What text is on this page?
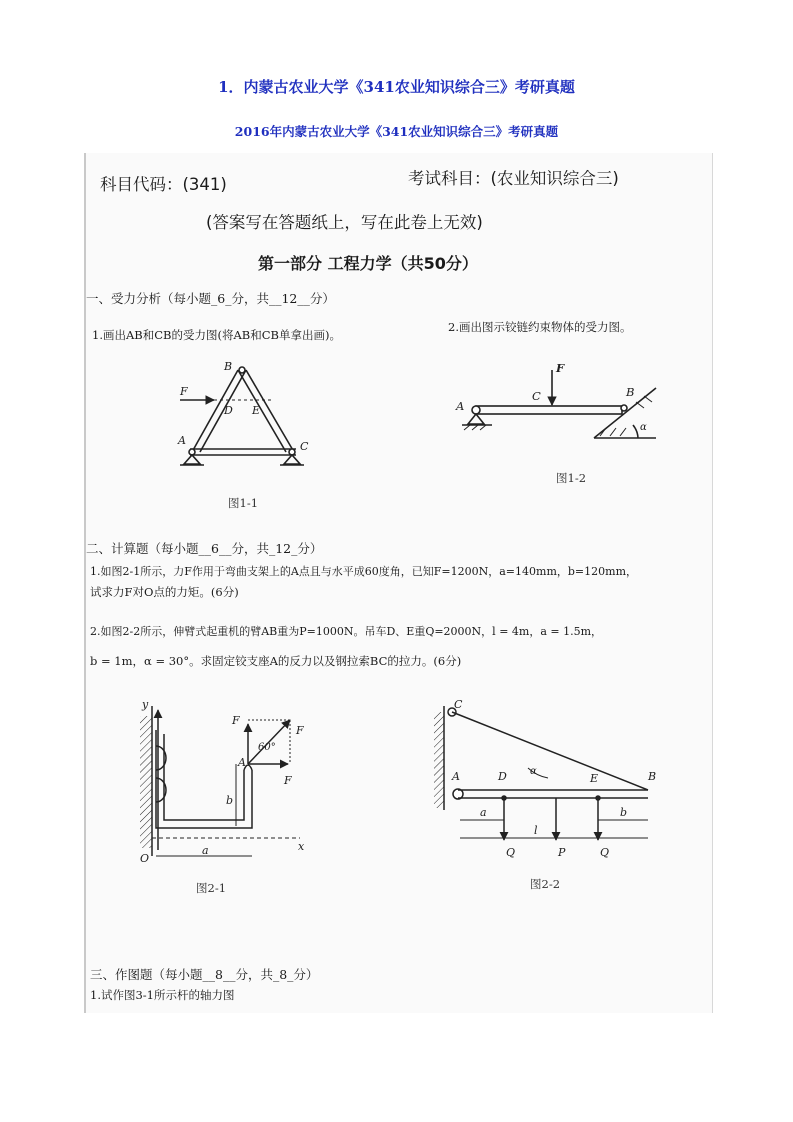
1．内蒙古农业大学《341农业知识综合三》考研真题
2016年内蒙古农业大学《341农业知识综合三》考研真题
科目代码：(341)	考试科目：(农业知识综合三)
(答案写在答题纸上，写在此卷上无效)
第一部分 工程力学（共50分）
一、受力分析（每小题_6_分，共__12__分）
1.画出AB和CB的受力图(将AB和CB单拿出画)。
2.画出图示铰链约束物体的受力图。
二、计算题（每小题__6__分，共_12_分）
1.如图2-1所示，力F作用于弯曲支架上的A点且与水平成60度角，已知F=1200N，a=140mm，b=120mm，
试求力F对O点的力矩。(6分)
2.如图2-2所示，伸臂式起重机的臂AB重为P=1000N。吊车D、E重Q=2000N，l = 4m，a = 1.5m，
b = 1m，α = 30°。求固定铰支座A的反力以及钢拉索BC的拉力。(6分)
三、作图题（每小题__8__分，共_8_分）
1.试作图3-1所示杆的轴力图
B
F
D E
A	C
图1-1
F
C	B
A
α
图1-2
y
F
F
A
60°
F
b
O
a	x
图2-1
C
A	D α
E	B
a
l
b
Q	P	Q
图2-2
